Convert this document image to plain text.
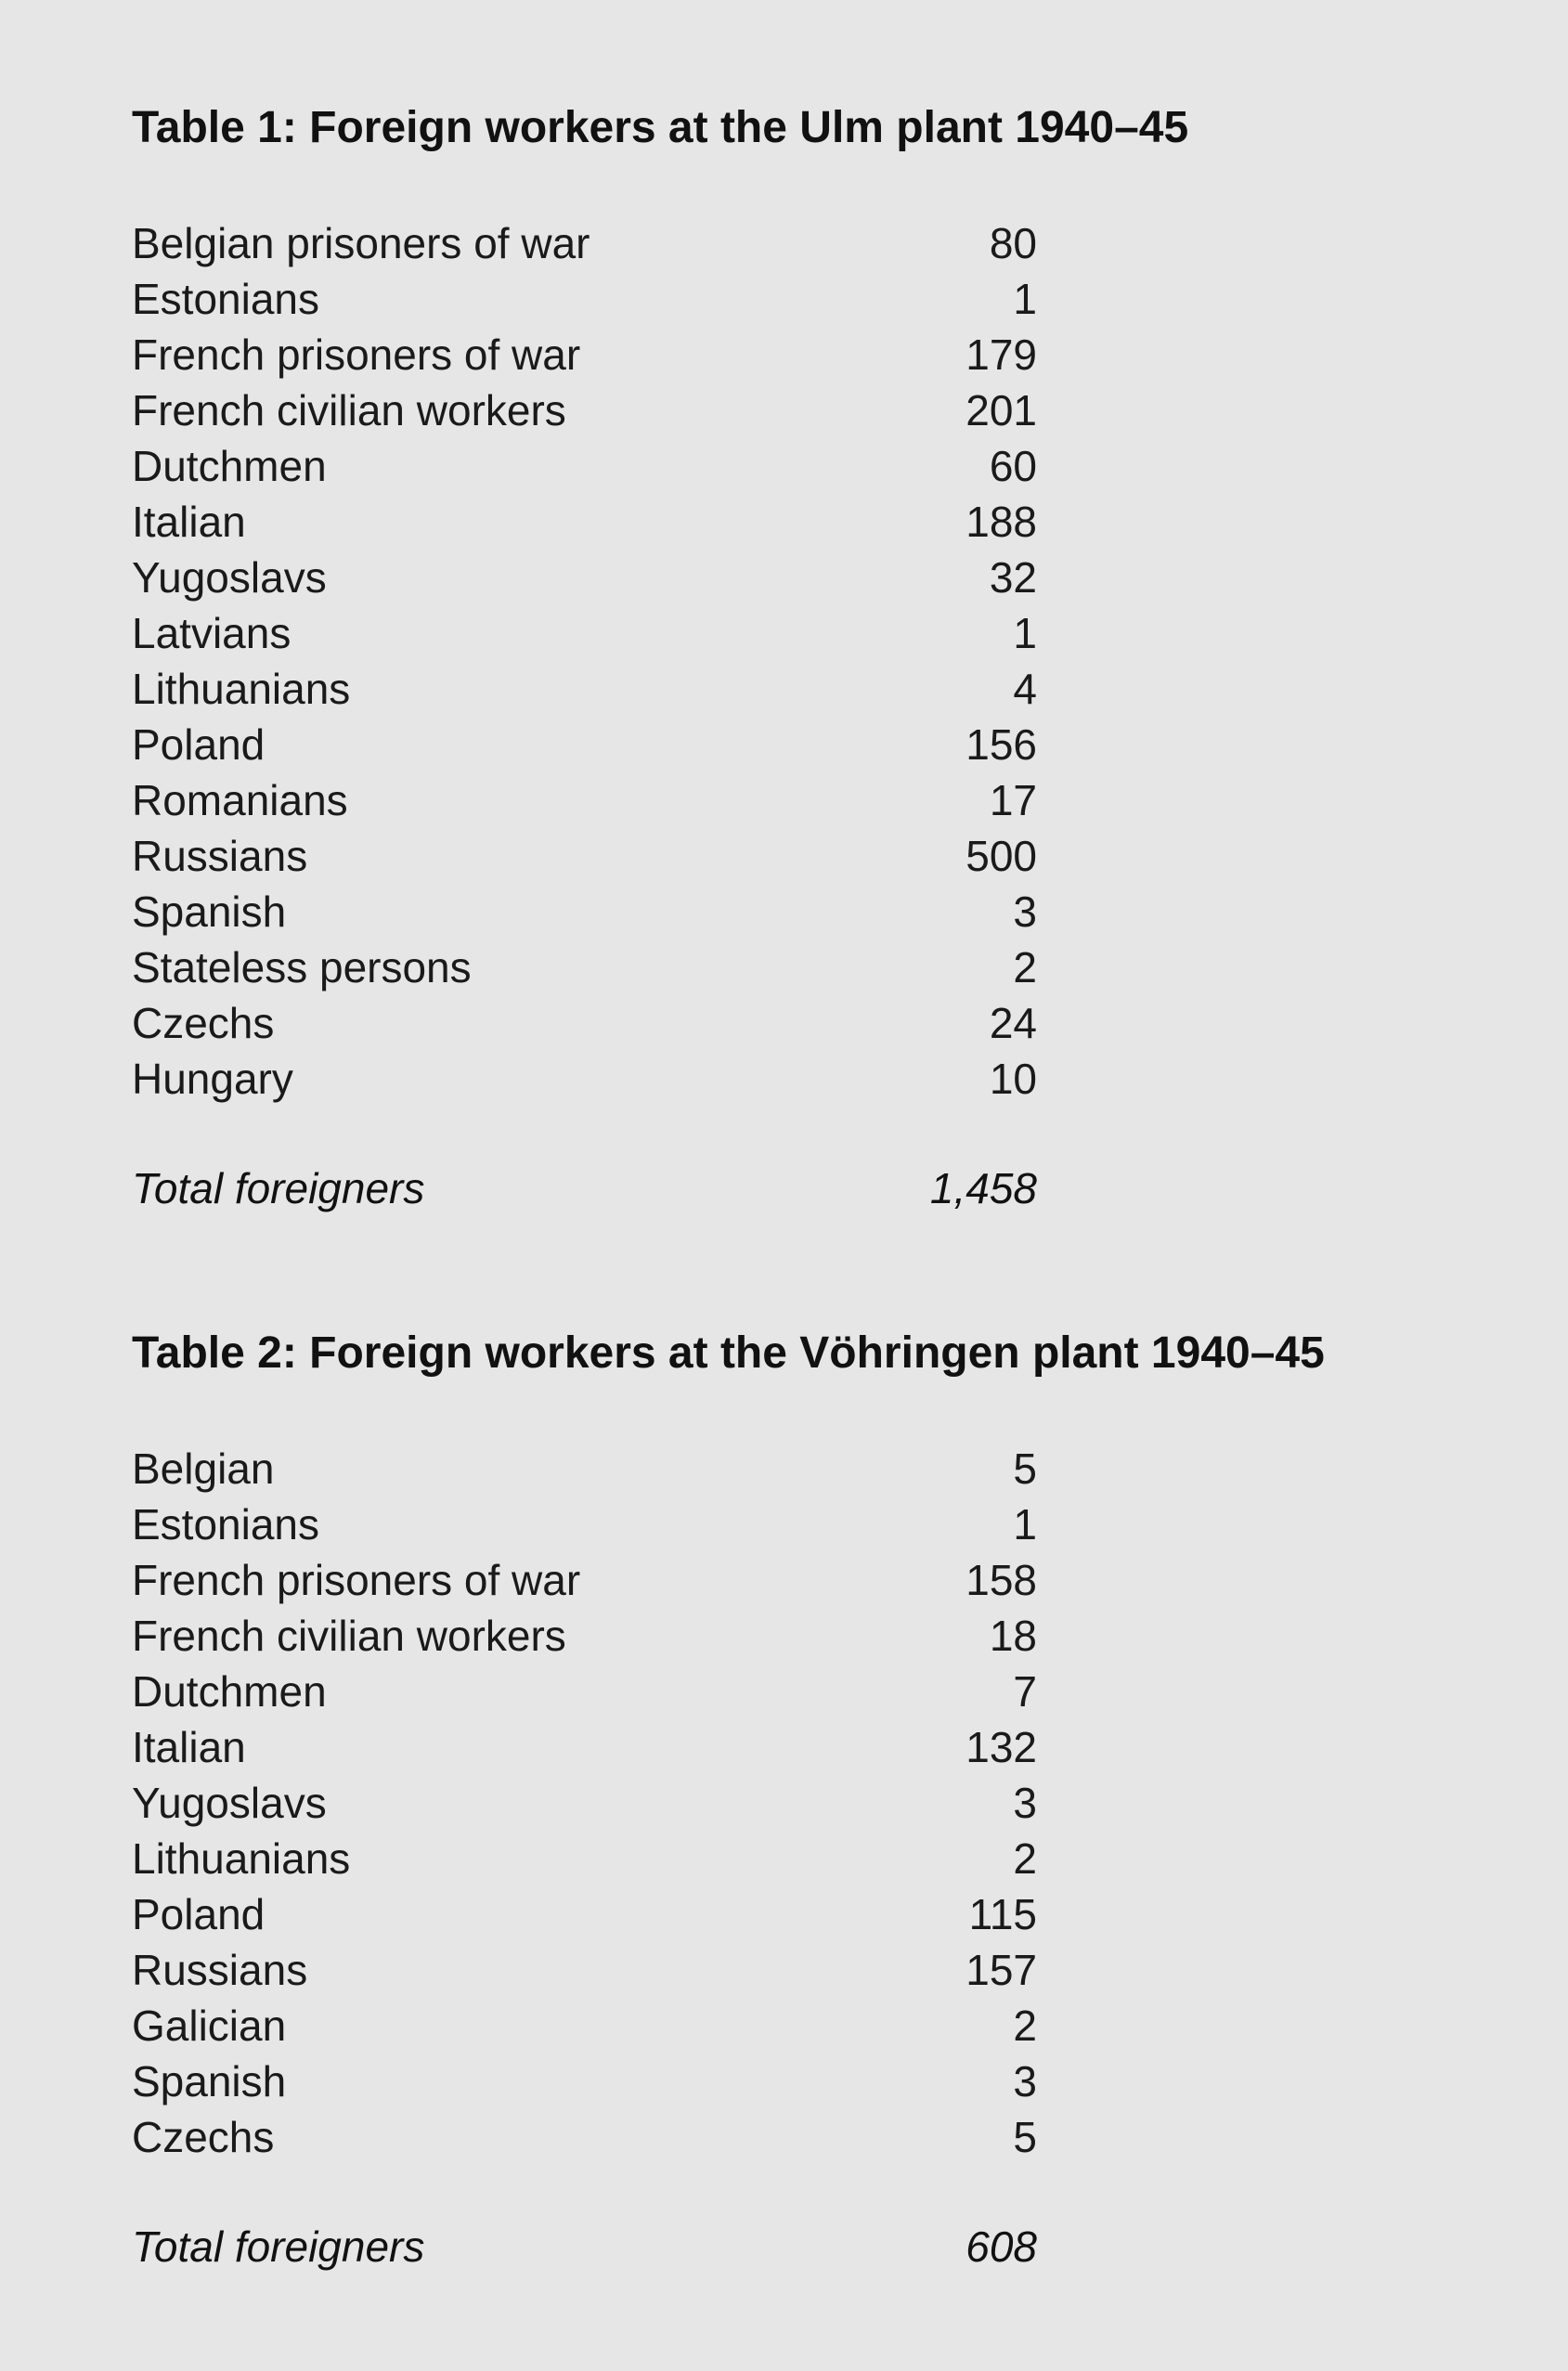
Table 1: Foreign workers at the Ulm plant 1940–45
Belgian prisoners of war	80
Estonians	1
French prisoners of war	179
French civilian workers	201
Dutchmen	60
Italian	188
Yugoslavs	32
Latvians	1
Lithuanians	4
Poland	156
Romanians	17
Russians	500
Spanish	3
Stateless persons	2
Czechs	24
Hungary	10
Total foreigners	1,458
Table 2: Foreign workers at the Vöhringen plant 1940–45
Belgian	5
Estonians	1
French prisoners of war	158
French civilian workers	18
Dutchmen	7
Italian	132
Yugoslavs	3
Lithuanians	2
Poland	115
Russians	157
Galician	2
Spanish	3
Czechs	5
Total foreigners	608
